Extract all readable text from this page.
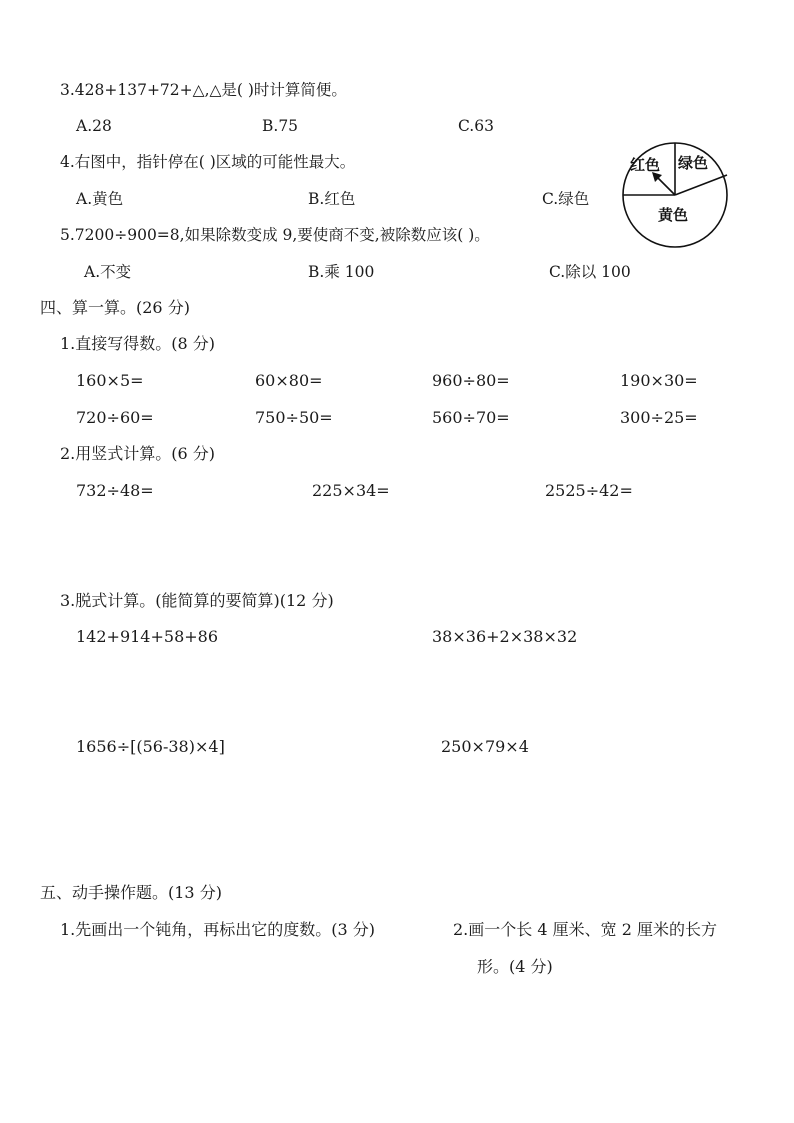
3.428+137+72+△,△是( )时计算简便。
A.28	B.75	C.63
4.右图中，指针停在( )区域的可能性最大。
A.黄色	B.红色	C.绿色
红色 绿色
黄色
5.7200÷900=8,如果除数变成 9,要使商不变,被除数应该( )。
A.不变	B.乘 100	C.除以 100
四、算一算。(26 分)
1.直接写得数。(8 分)
160×5=	60×80=	960÷80=	190×30=
720÷60=	750÷50=	560÷70=	300÷25=
2.用竖式计算。(6 分)
732÷48=	225×34=	2525÷42=
3.脱式计算。(能简算的要简算)(12 分)
142+914+58+86	38×36+2×38×32
1656÷[(56-38)×4]	250×79×4
五、动手操作题。(13 分)
1.先画出一个钝角，再标出它的度数。(3 分)	2.画一个长 4 厘米、宽 2 厘米的长方
形。(4 分)
